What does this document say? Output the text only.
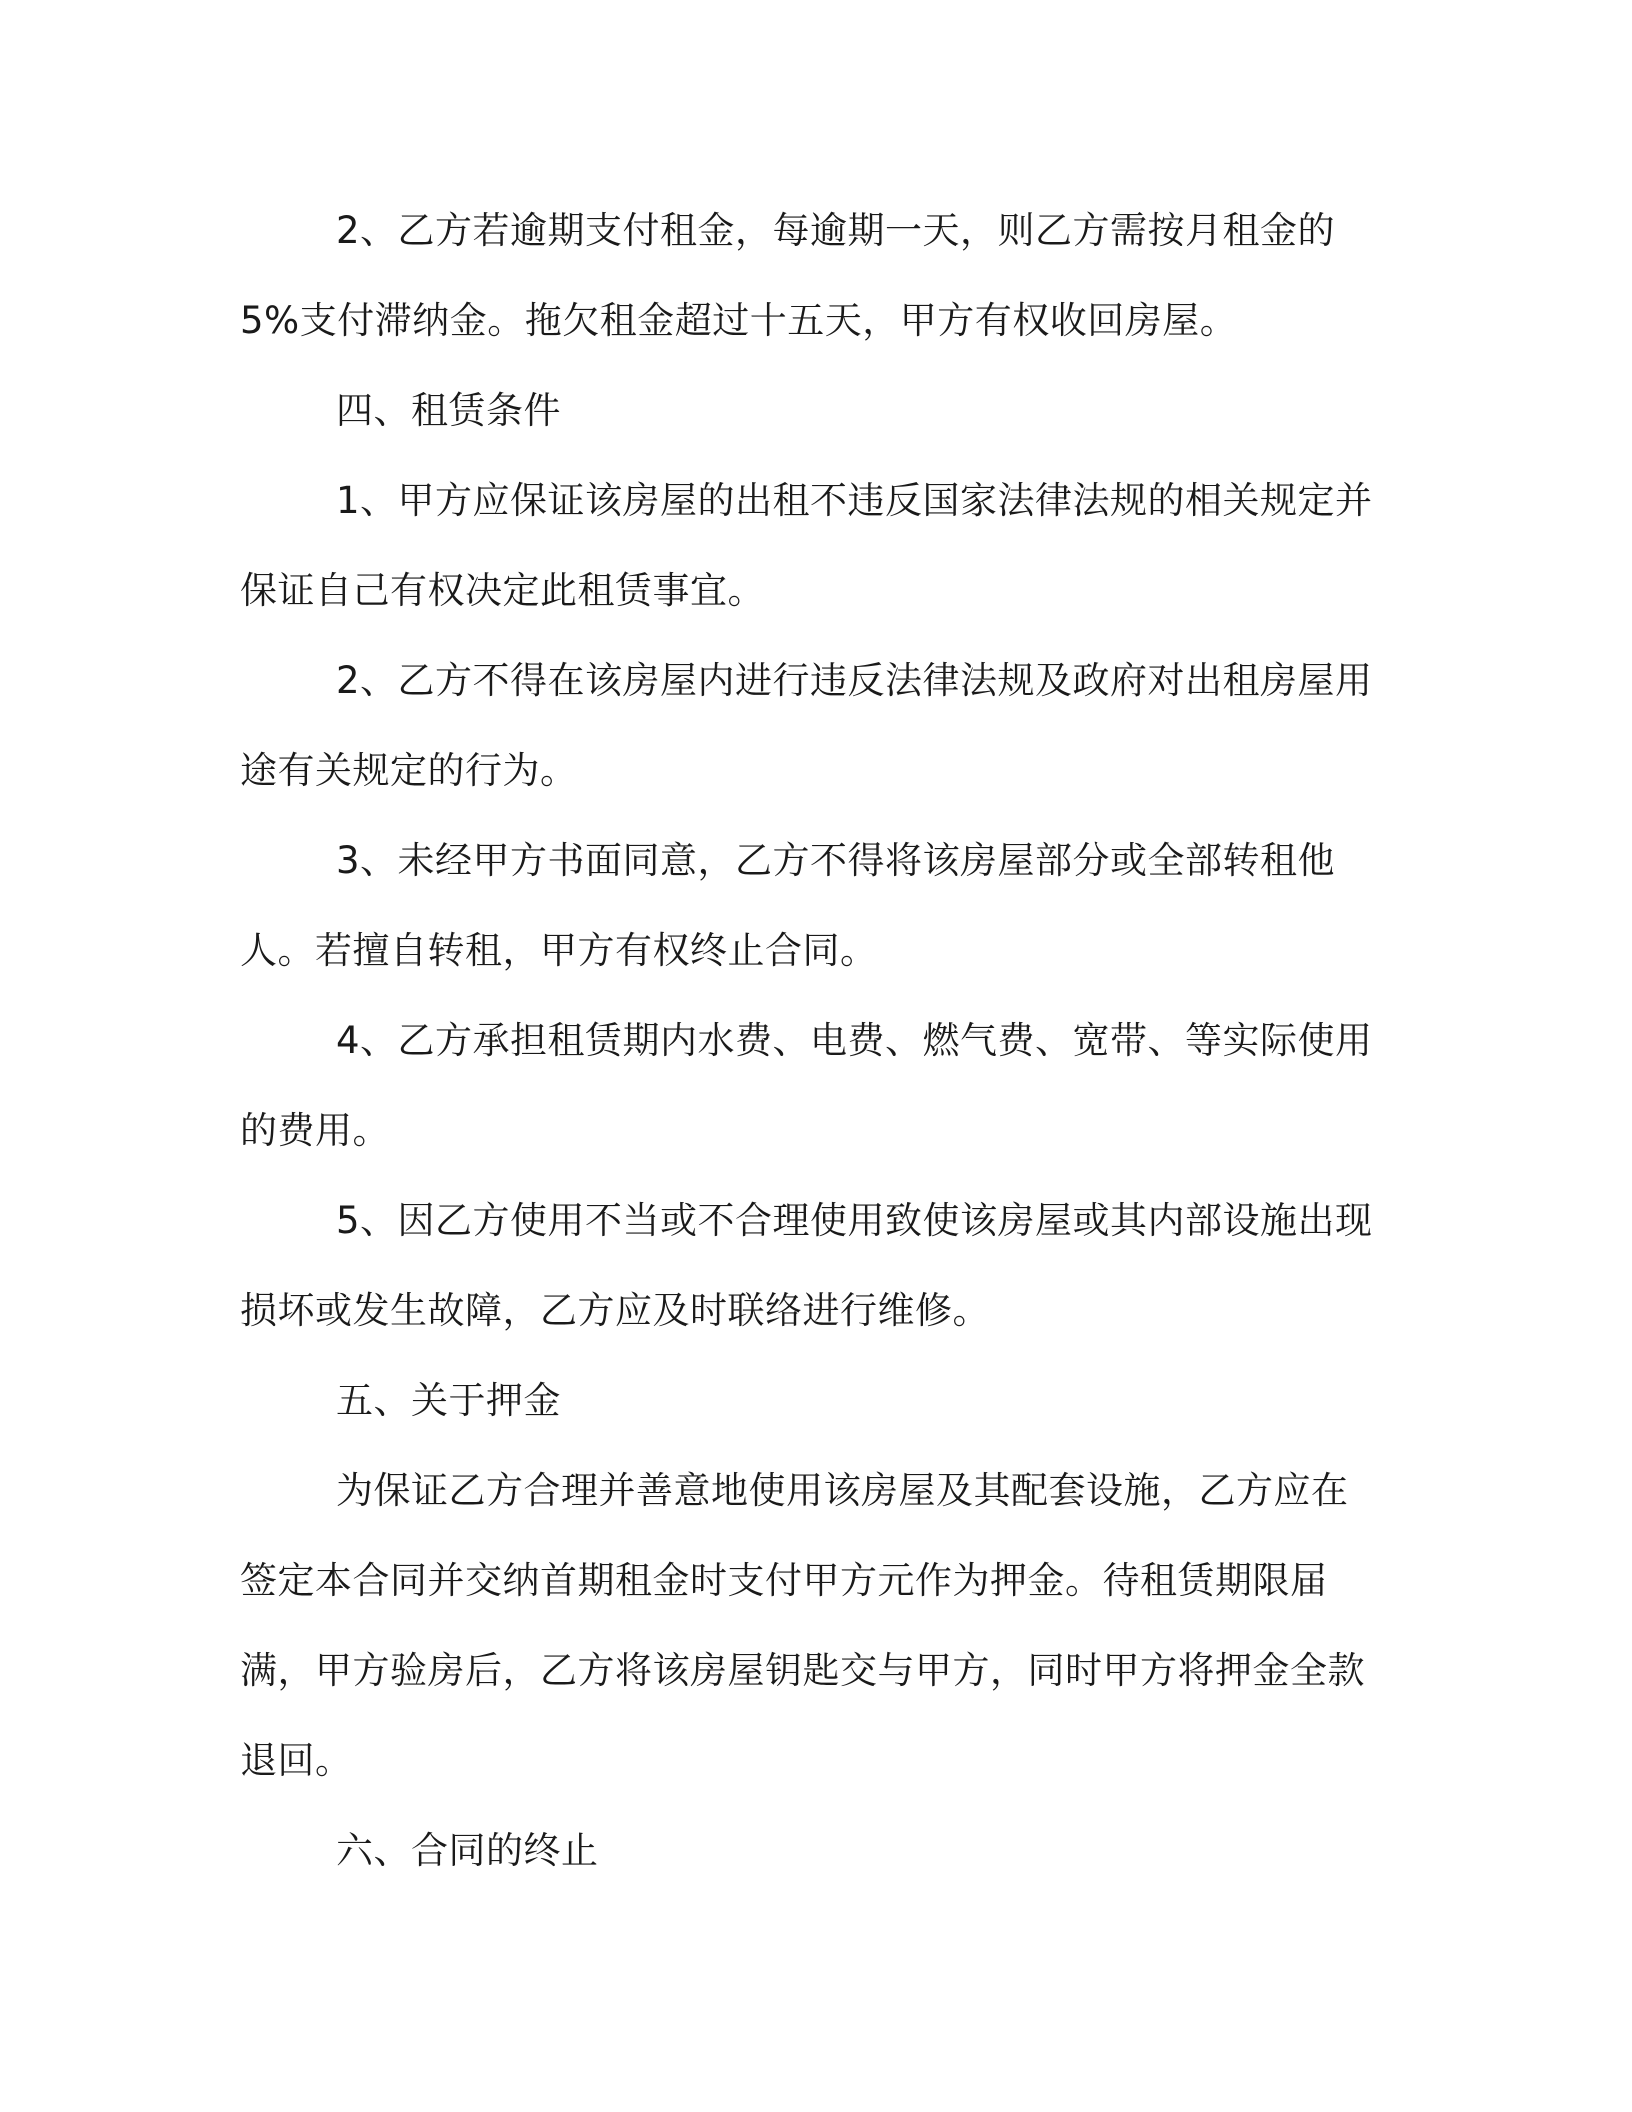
2、乙方若逾期支付租金，每逾期一天，则乙方需按月租金的5%支付滞纳金。拖欠租金超过十五天，甲方有权收回房屋。

四、租赁条件

1、甲方应保证该房屋的出租不违反国家法律法规的相关规定并保证自己有权决定此租赁事宜。

2、乙方不得在该房屋内进行违反法律法规及政府对出租房屋用途有关规定的行为。

3、未经甲方书面同意，乙方不得将该房屋部分或全部转租他人。若擅自转租，甲方有权终止合同。

4、乙方承担租赁期内水费、电费、燃气费、宽带、等实际使用的费用。

5、因乙方使用不当或不合理使用致使该房屋或其内部设施出现损坏或发生故障，乙方应及时联络进行维修。

五、关于押金

为保证乙方合理并善意地使用该房屋及其配套设施，乙方应在签定本合同并交纳首期租金时支付甲方元作为押金。待租赁期限届满，甲方验房后，乙方将该房屋钥匙交与甲方，同时甲方将押金全款退回。

六、合同的终止
